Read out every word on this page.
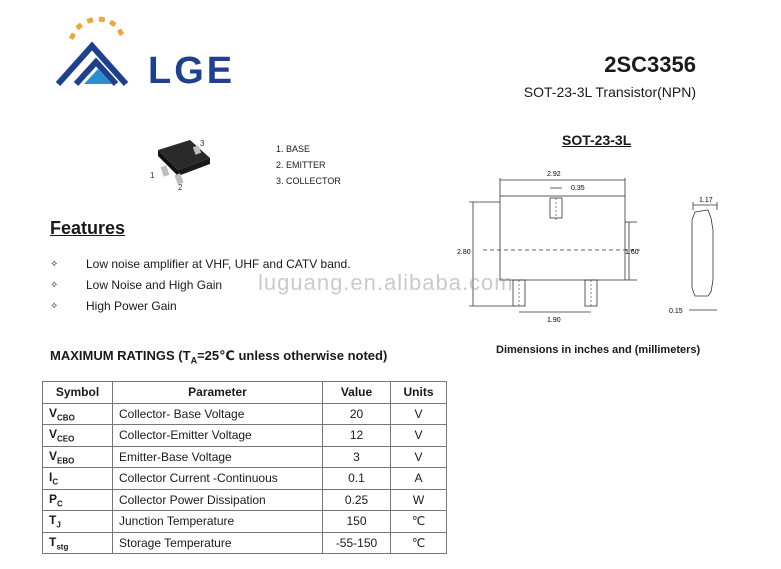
LGE	2SC3356
SOT-23-3L Transistor(NPN)
1
2
3
1. BASE
2. EMITTER
3. COLLECTOR
SOT-23-3L
2.92
0.35
2.80	1.60
1.90
1.17
0.15
Dimensions in inches and (millimeters)
Features
✧ Low noise amplifier at VHF, UHF and CATV band.
✧ Low Noise and High Gain
✧ High Power Gain
luguang.en.alibaba.com
MAXIMUM RATINGS ($T_A=25℃$ unless otherwise noted)
Symbol	Parameter	Value	Units
$V_{CBO}$	Collector- Base Voltage	20	V
$V_{CEO}$	Collector-Emitter Voltage	12	V
$V_{EBO}$	Emitter-Base Voltage	3	V
$I_C$	Collector Current -Continuous	0.1	A
$P_C$	Collector Power Dissipation	0.25	W
$T_J$	Junction Temperature	150	℃
$T_{stg}$	Storage Temperature	-55-150	℃
